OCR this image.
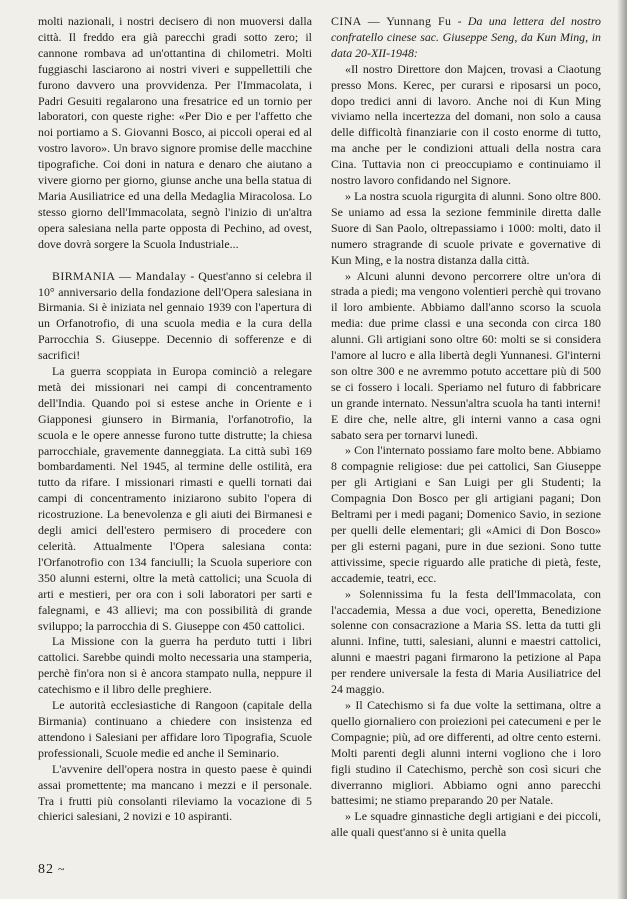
molti nazionali, i nostri decisero di non muoversi dalla città. Il freddo era già parecchi gradi sotto zero; il cannone rombava ad un'ottantina di chilometri. Molti fuggiaschi lasciarono ai nostri viveri e suppellettili che furono davvero una provvidenza. Per l'Immacolata, i Padri Gesuiti regalarono una fresatrice ed un tornio per laboratori, con queste righe: «Per Dio e per l'affetto che noi portiamo a S. Giovanni Bosco, ai piccoli operai ed al vostro lavoro». Un bravo signore promise delle macchine tipografiche. Coi doni in natura e denaro che aiutano a vivere giorno per giorno, giunse anche una bella statua di Maria Ausiliatrice ed una della Medaglia Miracolosa. Lo stesso giorno dell'Immacolata, segnò l'inizio di un'altra opera salesiana nella parte opposta di Pechino, ad ovest, dove dovrà sorgere la Scuola Industriale...

BIRMANIA — Mandalay - Quest'anno si celebra il 10° anniversario della fondazione dell'Opera salesiana in Birmania. Si è iniziata nel gennaio 1939 con l'apertura di un Orfanotrofio, di una scuola media e la cura della Parrocchia S. Giuseppe. Decennio di sofferenze e di sacrifici!

La guerra scoppiata in Europa cominciò a relegare metà dei missionari nei campi di concentramento dell'India. Quando poi si estese anche in Oriente e i Giapponesi giunsero in Birmania, l'orfanotrofio, la scuola e le opere annesse furono tutte distrutte; la chiesa parrocchiale, gravemente danneggiata. La città subì 169 bombardamenti. Nel 1945, al termine delle ostilità, era tutto da rifare. I missionari rimasti e quelli tornati dai campi di concentramento iniziarono subito l'opera di ricostruzione. La benevolenza e gli aiuti dei Birmanesi e degli amici dell'estero permisero di procedere con celerità. Attualmente l'Opera salesiana conta: l'Orfanotrofio con 134 fanciulli; la Scuola superiore con 350 alunni esterni, oltre la metà cattolici; una Scuola di arti e mestieri, per ora con i soli laboratori per sarti e falegnami, e 43 allievi; ma con possibilità di grande sviluppo; la parrocchia di S. Giuseppe con 450 cattolici.

La Missione con la guerra ha perduto tutti i libri cattolici. Sarebbe quindi molto necessaria una stamperia, perchè fin'ora non si è ancora stampato nulla, neppure il catechismo e il libro delle preghiere.

Le autorità ecclesiastiche di Rangoon (capitale della Birmania) continuano a chiedere con insistenza ed attendono i Salesiani per affidare loro Tipografia, Scuole professionali, Scuole medie ed anche il Seminario.

L'avvenire dell'opera nostra in questo paese è quindi assai promettente; ma mancano i mezzi e il personale. Tra i frutti più consolanti rileviamo la vocazione di 5 chierici salesiani, 2 novizi e 10 aspiranti.

CINA — Yunnang Fu - Da una lettera del nostro confratello cinese sac. Giuseppe Seng, da Kun Ming, in data 20-XII-1948:

«Il nostro Direttore don Majcen, trovasi a Ciaotung presso Mons. Kerec, per curarsi e riposarsi un poco, dopo tredici anni di lavoro. Anche noi di Kun Ming viviamo nella incertezza del domani, non solo a causa delle difficoltà finanziarie con il costo enorme di tutto, ma anche per le condizioni attuali della nostra cara Cina. Tuttavia non ci preoccupiamo e continuiamo il nostro lavoro confidando nel Signore.

» La nostra scuola rigurgita di alunni. Sono oltre 800. Se uniamo ad essa la sezione femminile diretta dalle Suore di San Paolo, oltrepassiamo i 1000: molti, dato il numero stragrande di scuole private e governative di Kun Ming, e la nostra distanza dalla città.

» Alcuni alunni devono percorrere oltre un'ora di strada a piedi; ma vengono volentieri perchè qui trovano il loro ambiente. Abbiamo dall'anno scorso la scuola media: due prime classi e una seconda con circa 180 alunni. Gli artigiani sono oltre 60: molti se si considera l'amore al lucro e alla libertà degli Yunnanesi. Gl'interni son oltre 300 e ne avremmo potuto accettare più di 500 se ci fossero i locali. Speriamo nel futuro di fabbricare un grande internato. Nessun'altra scuola ha tanti interni! E dire che, nelle altre, gli interni vanno a casa ogni sabato sera per tornarvi lunedì.

» Con l'internato possiamo fare molto bene. Abbiamo 8 compagnie religiose: due pei cattolici, San Giuseppe per gli Artigiani e San Luigi per gli Studenti; la Compagnia Don Bosco per gli artigiani pagani; Don Beltrami per i medi pagani; Domenico Savio, in sezione per quelli delle elementari; gli «Amici di Don Bosco» per gli esterni pagani, pure in due sezioni. Sono tutte attivissime, specie riguardo alle pratiche di pietà, feste, accademie, teatri, ecc.

» Solennissima fu la festa dell'Immacolata, con l'accademia, Messa a due voci, operetta, Benedizione solenne con consacrazione a Maria SS. letta da tutti gli alunni. Infine, tutti, salesiani, alunni e maestri cattolici, alunni e maestri pagani firmarono la petizione al Papa per rendere universale la festa di Maria Ausiliatrice del 24 maggio.

» Il Catechismo si fa due volte la settimana, oltre a quello giornaliero con proiezioni pei catecumeni e per le Compagnie; più, ad ore differenti, ad oltre cento esterni. Molti parenti degli alunni interni vogliono che i loro figli studino il Catechismo, perchè son così sicuri che diverranno migliori. Abbiamo ogni anno parecchi battesimi; ne stiamo preparando 20 per Natale.

» Le squadre ginnastiche degli artigiani e dei piccoli, alle quali quest'anno si è unita quella

82 ~
